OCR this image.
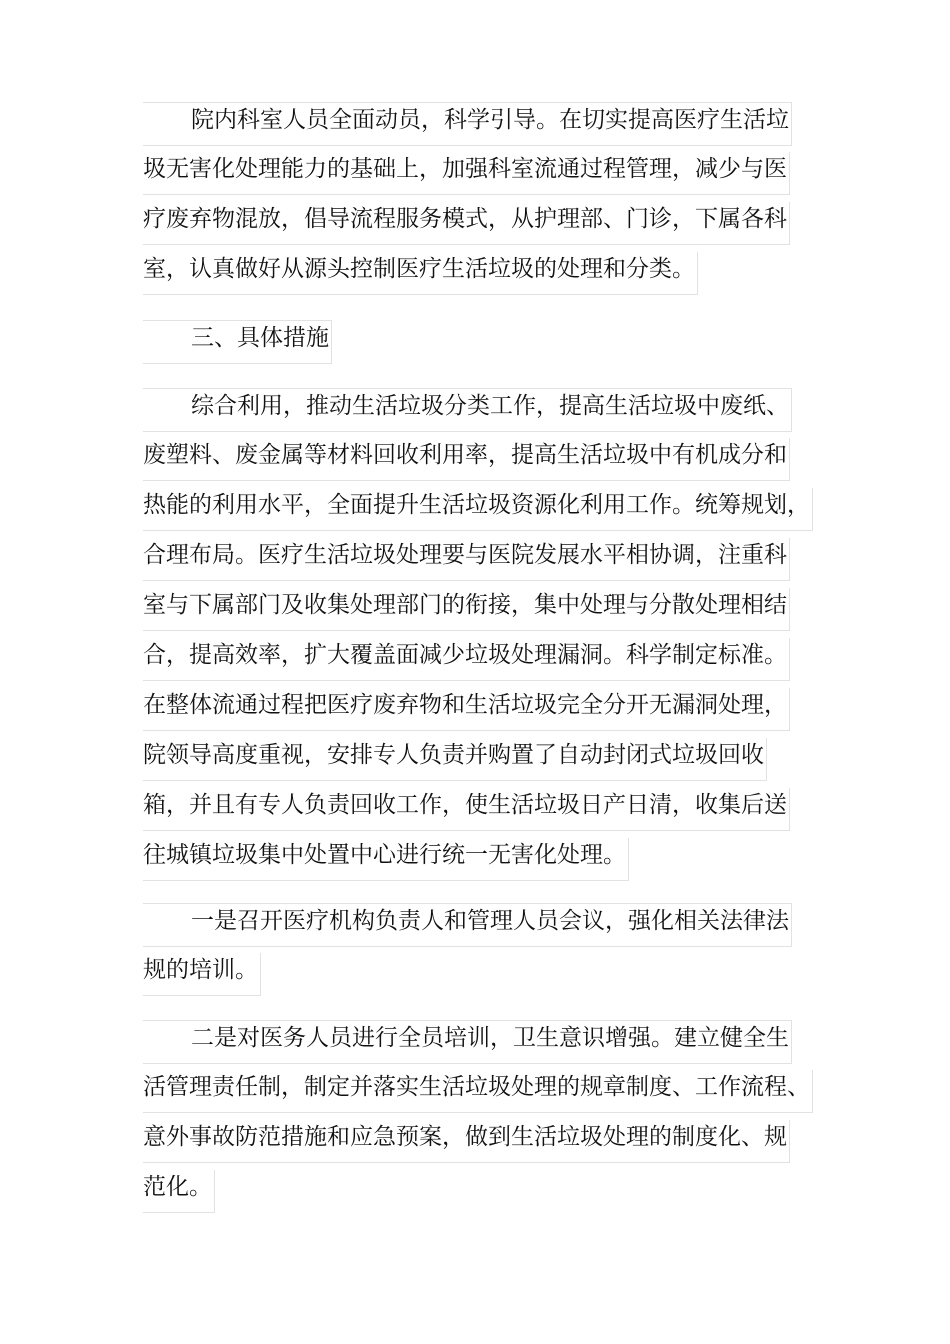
院内科室人员全面动员，科学引导。在切实提高医疗生活垃
圾无害化处理能力的基础上，加强科室流通过程管理，减少与医
疗废弃物混放，倡导流程服务模式，从护理部、门诊，下属各科
室，认真做好从源头控制医疗生活垃圾的处理和分类。
三、具体措施
综合利用，推动生活垃圾分类工作，提高生活垃圾中废纸、
废塑料、废金属等材料回收利用率，提高生活垃圾中有机成分和
热能的利用水平，全面提升生活垃圾资源化利用工作。统筹规划，
合理布局。医疗生活垃圾处理要与医院发展水平相协调，注重科
室与下属部门及收集处理部门的衔接，集中处理与分散处理相结
合，提高效率，扩大覆盖面减少垃圾处理漏洞。科学制定标准。
在整体流通过程把医疗废弃物和生活垃圾完全分开无漏洞处理，
院领导高度重视，安排专人负责并购置了自动封闭式垃圾回收
箱，并且有专人负责回收工作，使生活垃圾日产日清，收集后送
往城镇垃圾集中处置中心进行统一无害化处理。
一是召开医疗机构负责人和管理人员会议，强化相关法律法
规的培训。
二是对医务人员进行全员培训，卫生意识增强。建立健全生
活管理责任制，制定并落实生活垃圾处理的规章制度、工作流程、
意外事故防范措施和应急预案，做到生活垃圾处理的制度化、规
范化。
